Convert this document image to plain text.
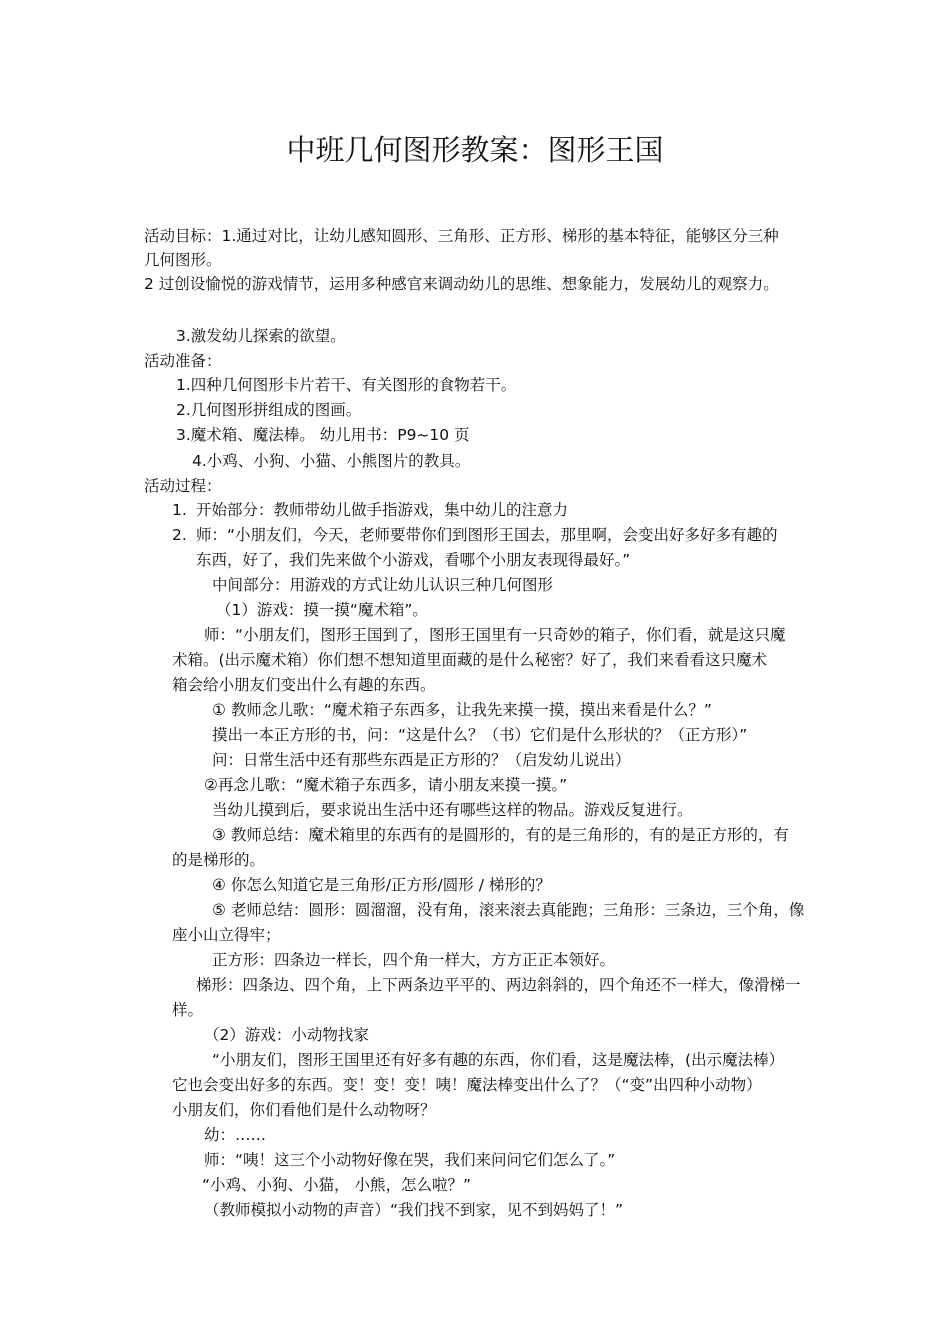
中班几何图形教案：图形王国
活动目标：1.通过对比，让幼儿感知圆形、三角形、正方形、梯形的基本特征，能够区分三种
几何图形。
2 过创设愉悦的游戏情节，运用多种感官来调动幼儿的思维、想象能力，发展幼儿的观察力。
3.激发幼儿探索的欲望。
活动准备：
1.四种几何图形卡片若干、有关图形的食物若干。
2.几何图形拼组成的图画。
3.魔术箱、魔法棒。 幼儿用书：P9~10 页
4.小鸡、小狗、小猫、小熊图片的教具。
活动过程：
1. 开始部分：教师带幼儿做手指游戏，集中幼儿的注意力
2. 师：“小朋友们，今天，老师要带你们到图形王国去，那里啊，会变出好多好多有趣的
东西，好了，我们先来做个小游戏，看哪个小朋友表现得最好。”
中间部分：用游戏的方式让幼儿认识三种几何图形
（1）游戏：摸一摸“魔术箱”。
师：“小朋友们，图形王国到了，图形王国里有一只奇妙的箱子，你们看，就是这只魔
术箱。(出示魔术箱）你们想不想知道里面藏的是什么秘密？好了，我们来看看这只魔术
箱会给小朋友们变出什么有趣的东西。
① 教师念儿歌：“魔术箱子东西多，让我先来摸一摸，摸出来看是什么？”
摸出一本正方形的书，问：“这是什么？（书）它们是什么形状的？（正方形）”
问：日常生活中还有那些东西是正方形的？（启发幼儿说出）
②再念儿歌：“魔术箱子东西多，请小朋友来摸一摸。”
当幼儿摸到后，要求说出生活中还有哪些这样的物品。游戏反复进行。
③ 教师总结：魔术箱里的东西有的是圆形的，有的是三角形的，有的是正方形的，有
的是梯形的。
④ 你怎么知道它是三角形/正方形/圆形 / 梯形的？
⑤ 老师总结：圆形：圆溜溜，没有角，滚来滚去真能跑；三角形：三条边，三个角，像
座小山立得牢；
正方形：四条边一样长，四个角一样大，方方正正本领好。
梯形：四条边、四个角，上下两条边平平的、两边斜斜的，四个角还不一样大，像滑梯一
样。
（2）游戏：小动物找家
“小朋友们，图形王国里还有好多有趣的东西，你们看，这是魔法棒，(出示魔法棒）
它也会变出好多的东西。变！变！变！咦！魔法棒变出什么了？（“变”出四种小动物）
小朋友们，你们看他们是什么动物呀？
幼：……
师：“咦！这三个小动物好像在哭，我们来问问它们怎么了。”
“小鸡、小狗、小猫， 小熊，怎么啦？”
（教师模拟小动物的声音）“我们找不到家，见不到妈妈了！”
